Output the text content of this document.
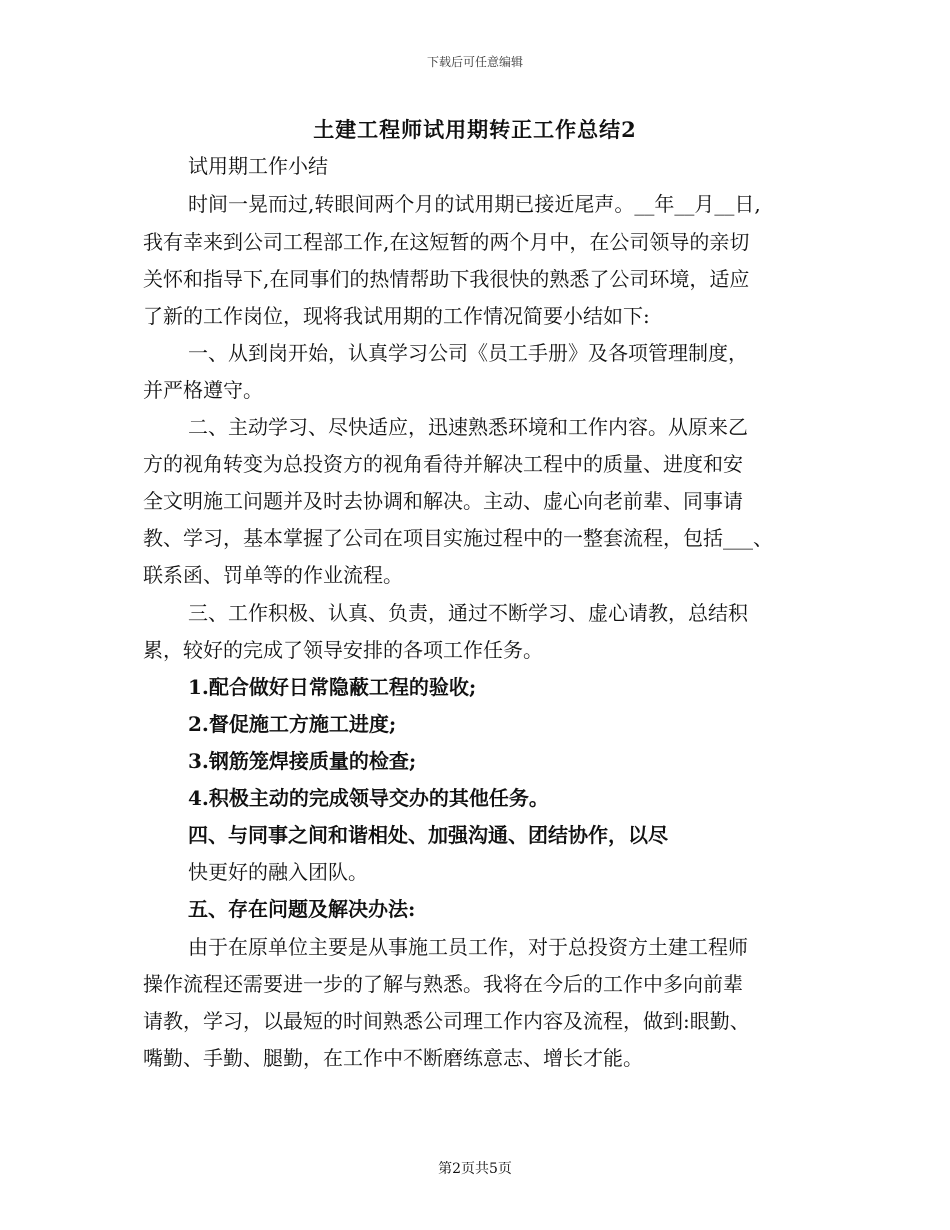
下载后可任意编辑
土建工程师试用期转正工作总结2
试用期工作小结
时间一晃而过,转眼间两个月的试用期已接近尾声。__年__月__日,
我有幸来到公司工程部工作,在这短暂的两个月中，在公司领导的亲切
关怀和指导下,在同事们的热情帮助下我很快的熟悉了公司环境，适应
了新的工作岗位，现将我试用期的工作情况简要小结如下:
一、从到岗开始，认真学习公司《员工手册》及各项管理制度，
并严格遵守。
二、主动学习、尽快适应，迅速熟悉环境和工作内容。从原来乙
方的视角转变为总投资方的视角看待并解决工程中的质量、进度和安
全文明施工问题并及时去协调和解决。主动、虚心向老前辈、同事请
教、学习，基本掌握了公司在项目实施过程中的一整套流程，包括___、
联系函、罚单等的作业流程。
三、工作积极、认真、负责，通过不断学习、虚心请教，总结积
累，较好的完成了领导安排的各项工作任务。
1.配合做好日常隐蔽工程的验收;
2.督促施工方施工进度;
3.钢筋笼焊接质量的检查;
4.积极主动的完成领导交办的其他任务。
四、与同事之间和谐相处、加强沟通、团结协作，以尽
快更好的融入团队。
五、存在问题及解决办法:
由于在原单位主要是从事施工员工作，对于总投资方土建工程师
操作流程还需要进一步的了解与熟悉。我将在今后的工作中多向前辈
请教，学习，以最短的时间熟悉公司理工作内容及流程，做到:眼勤、
嘴勤、手勤、腿勤，在工作中不断磨练意志、增长才能。
第2页共5页
